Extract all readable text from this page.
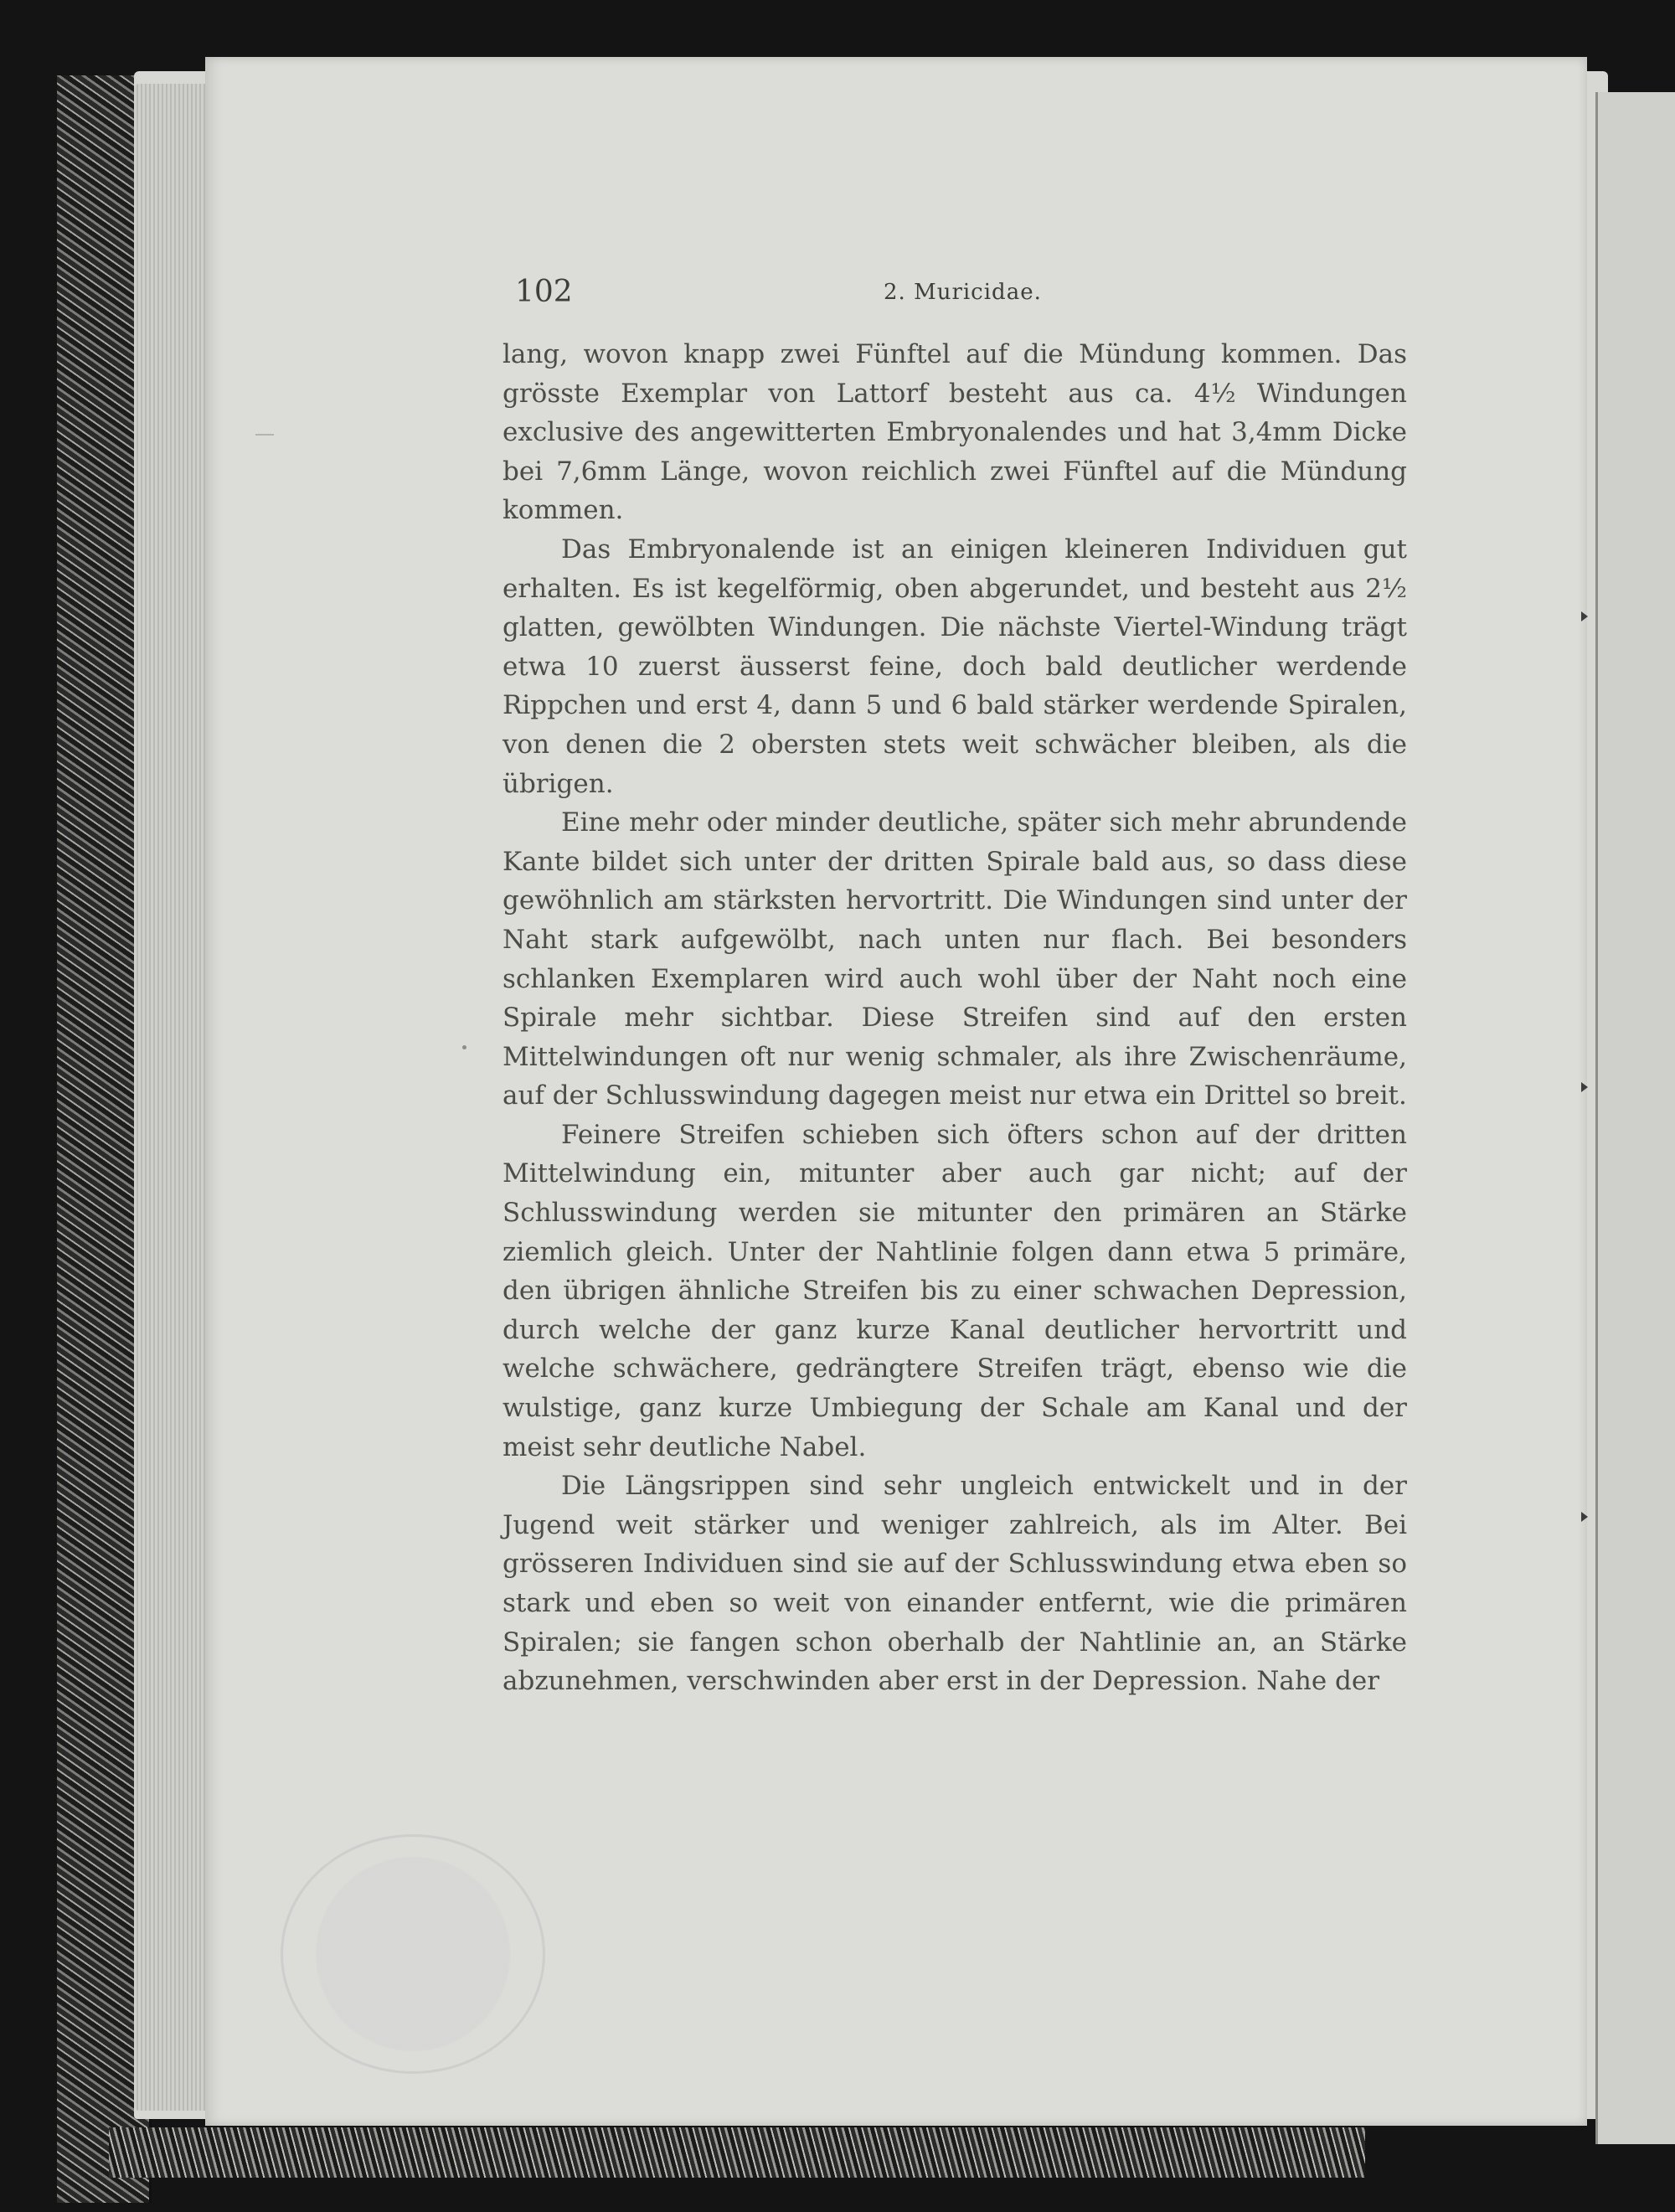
102	2. Muricidae.

lang, wovon knapp zwei Fünftel auf die Mündung kommen. Das grösste Exemplar von Lattorf besteht aus ca. 4½ Windungen exclusive des angewitterten Embryonalendes und hat 3,4mm Dicke bei 7,6mm Länge, wovon reichlich zwei Fünftel auf die Mündung kommen.

Das Embryonalende ist an einigen kleineren Individuen gut erhalten. Es ist kegelförmig, oben abgerundet, und besteht aus 2½ glatten, gewölbten Windungen. Die nächste Viertel-Windung trägt etwa 10 zuerst äusserst feine, doch bald deutlicher werdende Rippchen und erst 4, dann 5 und 6 bald stärker werdende Spiralen, von denen die 2 obersten stets weit schwächer bleiben, als die übrigen.

Eine mehr oder minder deutliche, später sich mehr abrundende Kante bildet sich unter der dritten Spirale bald aus, so dass diese gewöhnlich am stärksten hervortritt. Die Windungen sind unter der Naht stark aufgewölbt, nach unten nur flach. Bei besonders schlanken Exemplaren wird auch wohl über der Naht noch eine Spirale mehr sichtbar. Diese Streifen sind auf den ersten Mittelwindungen oft nur wenig schmaler, als ihre Zwischenräume, auf der Schlusswindung dagegen meist nur etwa ein Drittel so breit.

Feinere Streifen schieben sich öfters schon auf der dritten Mittelwindung ein, mitunter aber auch gar nicht; auf der Schlusswindung werden sie mitunter den primären an Stärke ziemlich gleich. Unter der Nahtlinie folgen dann etwa 5 primäre, den übrigen ähnliche Streifen bis zu einer schwachen Depression, durch welche der ganz kurze Kanal deutlicher hervortritt und welche schwächere, gedrängtere Streifen trägt, ebenso wie die wulstige, ganz kurze Umbiegung der Schale am Kanal und der meist sehr deutliche Nabel.

Die Längsrippen sind sehr ungleich entwickelt und in der Jugend weit stärker und weniger zahlreich, als im Alter. Bei grösseren Individuen sind sie auf der Schlusswindung etwa eben so stark und eben so weit von einander entfernt, wie die primären Spiralen; sie fangen schon oberhalb der Nahtlinie an, an Stärke abzunehmen, verschwinden aber erst in der Depression. Nahe der
